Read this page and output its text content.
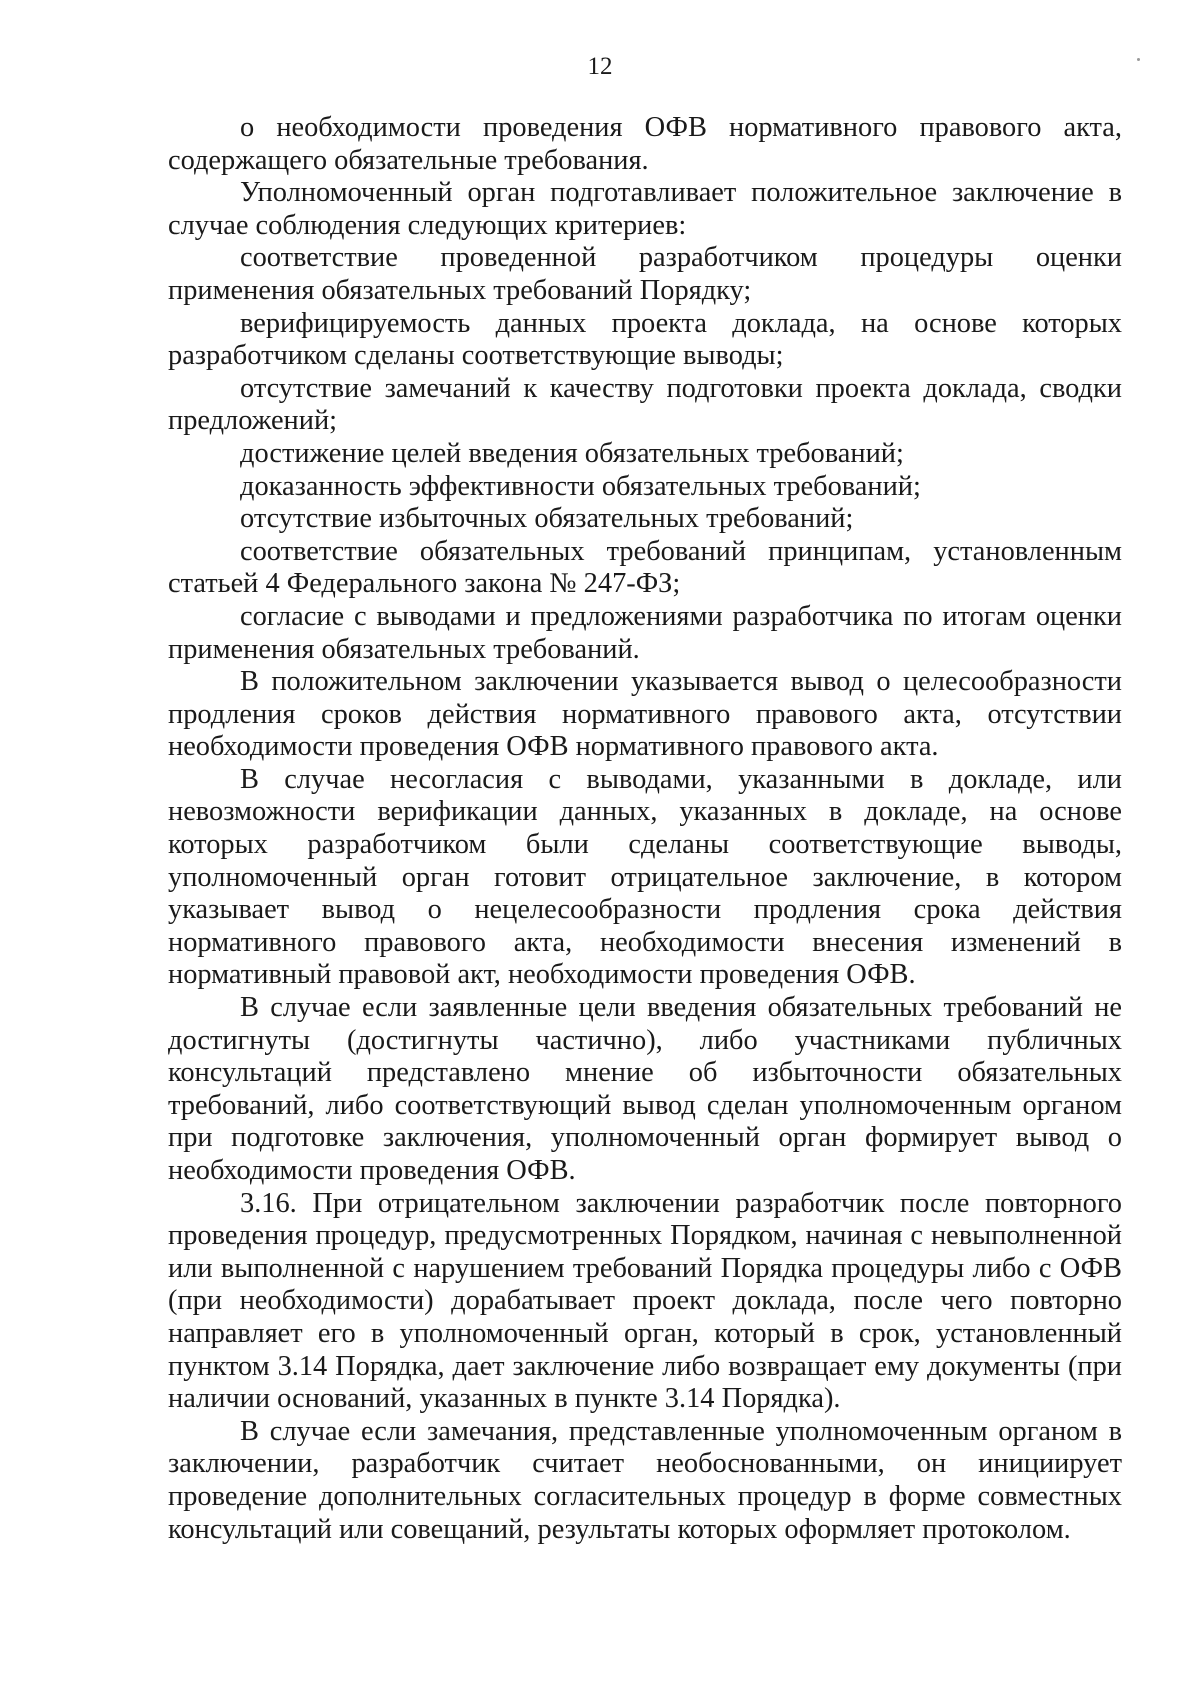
12

о необходимости проведения ОФВ нормативного правового акта, содержащего обязательные требования.

Уполномоченный орган подготавливает положительное заключение в случае соблюдения следующих критериев:

соответствие проведенной разработчиком процедуры оценки применения обязательных требований Порядку;

верифицируемость данных проекта доклада, на основе которых разработчиком сделаны соответствующие выводы;

отсутствие замечаний к качеству подготовки проекта доклада, сводки предложений;

достижение целей введения обязательных требований;

доказанность эффективности обязательных требований;

отсутствие избыточных обязательных требований;

соответствие обязательных требований принципам, установленным статьей 4 Федерального закона № 247-ФЗ;

согласие с выводами и предложениями разработчика по итогам оценки применения обязательных требований.

В положительном заключении указывается вывод о целесообразности продления сроков действия нормативного правового акта, отсутствии необходимости проведения ОФВ нормативного правового акта.

В случае несогласия с выводами, указанными в докладе, или невозможности верификации данных, указанных в докладе, на основе которых разработчиком были сделаны соответствующие выводы, уполномоченный орган готовит отрицательное заключение, в котором указывает вывод о нецелесообразности продления срока действия нормативного правового акта, необходимости внесения изменений в нормативный правовой акт, необходимости проведения ОФВ.

В случае если заявленные цели введения обязательных требований не достигнуты (достигнуты частично), либо участниками публичных консультаций представлено мнение об избыточности обязательных требований, либо соответствующий вывод сделан уполномоченным органом при подготовке заключения, уполномоченный орган формирует вывод о необходимости проведения ОФВ.

3.16. При отрицательном заключении разработчик после повторного проведения процедур, предусмотренных Порядком, начиная с невыполненной или выполненной с нарушением требований Порядка процедуры либо с ОФВ (при необходимости) дорабатывает проект доклада, после чего повторно направляет его в уполномоченный орган, который в срок, установленный пунктом 3.14 Порядка, дает заключение либо возвращает ему документы (при наличии оснований, указанных в пункте 3.14 Порядка).

В случае если замечания, представленные уполномоченным органом в заключении, разработчик считает необоснованными, он инициирует проведение дополнительных согласительных процедур в форме совместных консультаций или совещаний, результаты которых оформляет протоколом.
